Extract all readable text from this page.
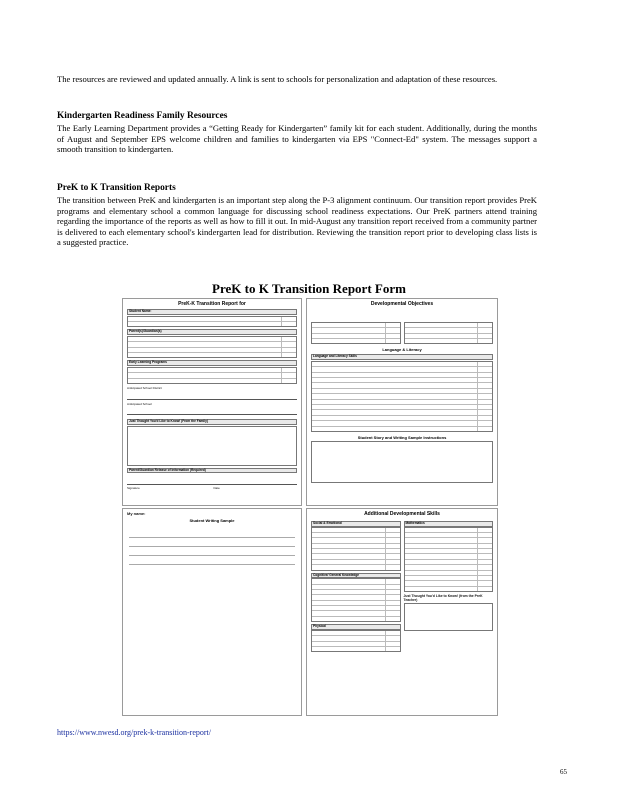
The resources are reviewed and updated annually. A link is sent to schools for personalization and adaptation of these resources.

Kindergarten Readiness Family Resources

The Early Learning Department provides a “Getting Ready for Kindergarten” family kit for each student. Additionally, during the months of August and September EPS welcome children and families to kindergarten via EPS "Connect-Ed" system. The messages support a smooth transition to kindergarten.

PreK to K Transition Reports

The transition between PreK and kindergarten is an important step along the P-3 alignment continuum. Our transition report provides PreK programs and elementary school a common language for discussing school readiness expectations. Our PreK partners attend training regarding the importance of the reports as well as how to fill it out. In mid-August any transition report received from a community partner is delivered to each elementary school's kindergarten lead for distribution. Reviewing the transition report prior to developing class lists is a suggested practice.

PreK to K Transition Report Form

PreK-K Transition Report for
Student Name:
Parent(s)/Guardian(s)
Early Learning Programs
Anticipated School District
Anticipated School
Just Thought You'd Like to Know! (From the Family)
Parent/Guardian Release of Information (Required)
Signature	Date
Developmental Objectives
Language & Literacy
Language and Literacy Skills
Student Story and Writing Sample Instructions
My name:
Student Writing Sample
Additional Developmental Skills
Social & Emotional
Cognitive/ General Knowledge
Physical
Mathematics
Just Thought You'd Like to Know! (from the PreK Teacher)

https://www.nwesd.org/prek-k-transition-report/

65
